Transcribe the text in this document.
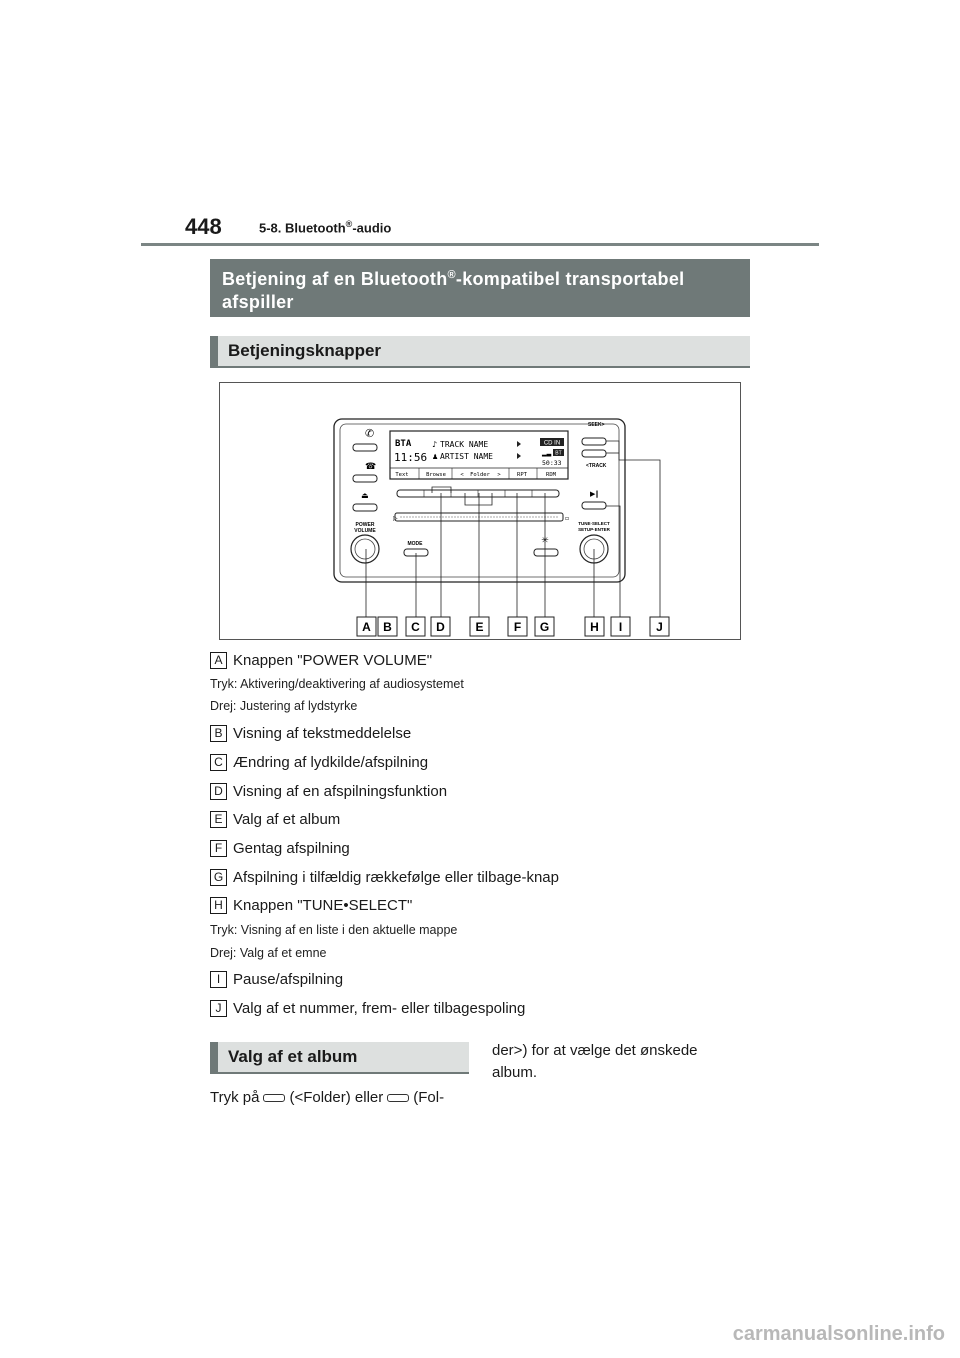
448	5-8. Bluetooth®-audio
Betjening af en Bluetooth®-kompatibel transportabel
afspiller
Betjeningsknapper
✆
☎
⏏
POWER
VOLUME
BTA
11:56
♪ TRACK NAME
♟ ARTIST NAME
CD IN
▂▃ BT
50:33
Text	Browse	< Folder >	RPT	RDM
▷	▫
MODE	✳
SEEK>
<TRACK
▶‖
TUNE·SELECT
SETUP·ENTER
A B C D	E	F G	H I	J
A Knappen "POWER VOLUME"
Tryk: Aktivering/deaktivering af audiosystemet
Drej: Justering af lydstyrke
B Visning af tekstmeddelelse
C Ændring af lydkilde/afspilning
D Visning af en afspilningsfunktion
E Valg af et album
F Gentag afspilning
G Afspilning i tilfældig rækkefølge eller tilbage-knap
H Knappen "TUNE•SELECT"
Tryk: Visning af en liste i den aktuelle mappe
Drej: Valg af et emne
I Pause/afspilning
J Valg af et nummer, frem- eller tilbagespoling
Valg af et album
Tryk på (<Folder) eller (Fol-
der>) for at vælge det ønskede
album.
carmanualsonline.info
